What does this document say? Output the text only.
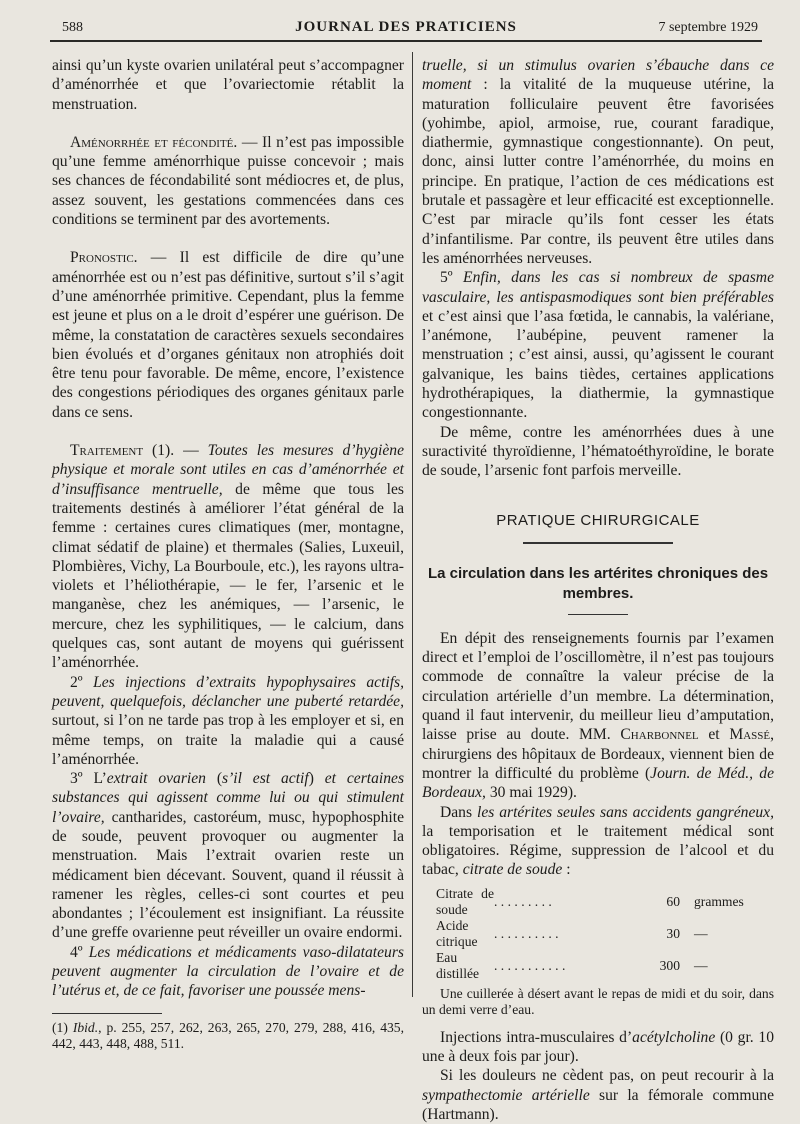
588	JOURNAL DES PRATICIENS	7 septembre 1929

ainsi qu’un kyste ovarien unilatéral peut s’accompagner d’aménorrhée et que l’ovariectomie rétablit la menstruation.

Aménorrhée et fécondité. — Il n’est pas impossible qu’une femme aménorrhique puisse concevoir ; mais ses chances de fécondabilité sont médiocres et, de plus, assez souvent, les gestations commencées dans ces conditions se terminent par des avortements.

Pronostic. — Il est difficile de dire qu’une aménorrhée est ou n’est pas définitive, surtout s’il s’agit d’une aménorrhée primitive. Cependant, plus la femme est jeune et plus on a le droit d’espérer une guérison. De même, la constatation de caractères sexuels secondaires bien évolués et d’organes génitaux non atrophiés doit être tenu pour favorable. De même, encore, l’existence des congestions périodiques des organes génitaux parle dans ce sens.

Traitement (1). — Toutes les mesures d’hygiène physique et morale sont utiles en cas d’aménorrhée et d’insuffisance mentruelle, de même que tous les traitements destinés à améliorer l’état général de la femme : certaines cures climatiques (mer, montagne, climat sédatif de plaine) et thermales (Salies, Luxeuil, Plombières, Vichy, La Bourboule, etc.), les rayons ultra-violets et l’héliothérapie, — le fer, l’arsenic et le manganèse, chez les anémiques, — l’arsenic, le mercure, chez les syphilitiques, — le calcium, dans quelques cas, sont autant de moyens qui guérissent l’aménorrhée.

2º Les injections d’extraits hypophysaires actifs, peuvent, quelquefois, déclancher une puberté retardée, surtout, si l’on ne tarde pas trop à les employer et si, en même temps, on traite la maladie qui a causé l’aménorrhée.

3º L’extrait ovarien (s’il est actif) et certaines substances qui agissent comme lui ou qui stimulent l’ovaire, cantharides, castoréum, musc, hypophosphite de soude, peuvent provoquer ou augmenter la menstruation. Mais l’extrait ovarien reste un médicament bien décevant. Souvent, quand il réussit à ramener les règles, celles-ci sont courtes et peu abondantes ; l’écoulement est insignifiant. La réussite d’une greffe ovarienne peut réveiller un ovaire endormi.

4º Les médications et médicaments vaso-dilatateurs peuvent augmenter la circulation de l’ovaire et de l’utérus et, de ce fait, favoriser une poussée mens-

(1) Ibid., p. 255, 257, 262, 263, 265, 270, 279, 288, 416, 435, 442, 443, 448, 488, 511.

truelle, si un stimulus ovarien s’ébauche dans ce moment : la vitalité de la muqueuse utérine, la maturation folliculaire peuvent être favorisées (yohimbe, apiol, armoise, rue, courant faradique, diathermie, gymnastique congestionnante). On peut, donc, ainsi lutter contre l’aménorrhée, du moins en principe. En pratique, l’action de ces médications est brutale et passagère et leur efficacité est exceptionnelle. C’est par miracle qu’ils font cesser les états d’infantilisme. Par contre, ils peuvent être utiles dans les aménorrhées nerveuses.

5º Enfin, dans les cas si nombreux de spasme vasculaire, les antispasmodiques sont bien préférables et c’est ainsi que l’asa fœtida, le cannabis, la valériane, l’anémone, l’aubépine, peuvent ramener la menstruation ; c’est ainsi, aussi, qu’agissent le courant galvanique, les bains tièdes, certaines applications hydrothérapiques, la diathermie, la gymnastique congestionnante.

De même, contre les aménorrhées dues à une suractivité thyroïdienne, l’hématoéthyroïdine, le borate de soude, l’arsenic font parfois merveille.

PRATIQUE CHIRURGICALE
La circulation dans les artérites chroniques des membres.

En dépit des renseignements fournis par l’examen direct et l’emploi de l’oscillomètre, il n’est pas toujours commode de connaître la valeur précise de la circulation artérielle d’un membre. La détermination, quand il faut intervenir, du meilleur lieu d’amputation, laisse prise au doute. MM. Charbonnel et Massé, chirurgiens des hôpitaux de Bordeaux, viennent bien de montrer la difficulté du problème (Journ. de Méd., de Bordeaux, 30 mai 1929).

Dans les artérites seules sans accidents gangréneux, la temporisation et le traitement médical sont obligatoires. Régime, suppression de l’alcool et du tabac, citrate de soude :

Citrate de soude	. . . . . . . . .	60	grammes
Acide citrique	. . . . . . . . . .	30	—
Eau distillée	. . . . . . . . . . .	300	—

Une cuillerée à désert avant le repas de midi et du soir, dans un demi verre d’eau.

Injections intra-musculaires d’acétylcholine (0 gr. 10 une à deux fois par jour).

Si les douleurs ne cèdent pas, on peut recourir à la sympathectomie artérielle sur la fémorale commune (Hartmann).
